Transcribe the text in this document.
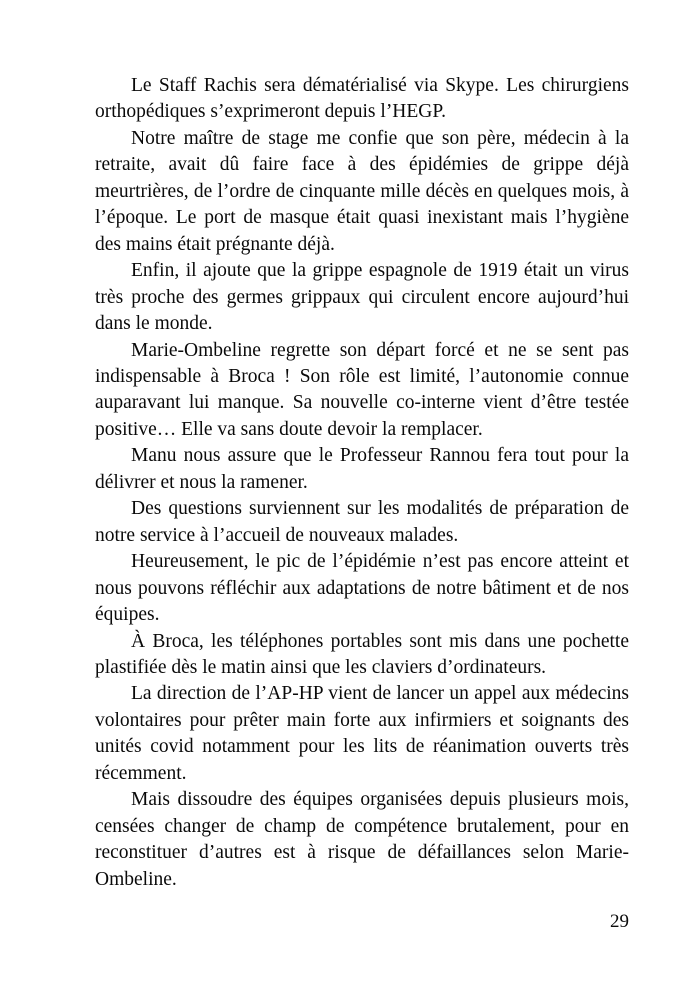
Le Staff Rachis sera dématérialisé via Skype. Les chirurgiens orthopédiques s’exprimeront depuis l’HEGP.

Notre maître de stage me confie que son père, médecin à la retraite, avait dû faire face à des épidémies de grippe déjà meurtrières, de l’ordre de cinquante mille décès en quelques mois, à l’époque. Le port de masque était quasi inexistant mais l’hygiène des mains était prégnante déjà.

Enfin, il ajoute que la grippe espagnole de 1919 était un virus très proche des germes grippaux qui circulent encore aujourd’hui dans le monde.

Marie-Ombeline regrette son départ forcé et ne se sent pas indispensable à Broca ! Son rôle est limité, l’autonomie connue auparavant lui manque. Sa nouvelle co-interne vient d’être testée positive… Elle va sans doute devoir la remplacer.

Manu nous assure que le Professeur Rannou fera tout pour la délivrer et nous la ramener.

Des questions surviennent sur les modalités de préparation de notre service à l’accueil de nouveaux malades.

Heureusement, le pic de l’épidémie n’est pas encore atteint et nous pouvons réfléchir aux adaptations de notre bâtiment et de nos équipes.

À Broca, les téléphones portables sont mis dans une pochette plastifiée dès le matin ainsi que les claviers d’ordinateurs.

La direction de l’AP-HP vient de lancer un appel aux médecins volontaires pour prêter main forte aux infirmiers et soignants des unités covid notamment pour les lits de réanimation ouverts très récemment.

Mais dissoudre des équipes organisées depuis plusieurs mois, censées changer de champ de compétence brutalement, pour en reconstituer d’autres est à risque de défaillances selon Marie-Ombeline.

29
